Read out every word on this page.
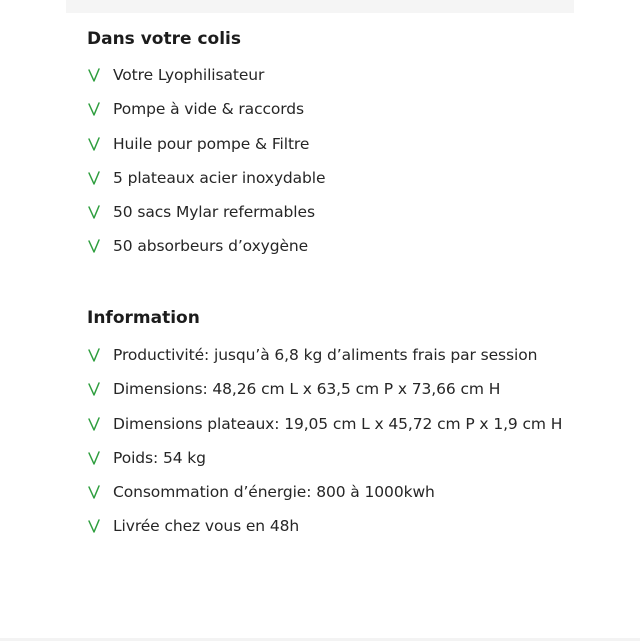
Dans votre colis
Votre Lyophilisateur
Pompe à vide & raccords
Huile pour pompe & Filtre
5 plateaux acier inoxydable
50 sacs Mylar refermables
50 absorbeurs d’oxygène
Information
Productivité: jusqu’à 6,8 kg d’aliments frais par session
Dimensions: 48,26 cm L x 63,5 cm P x 73,66 cm H
Dimensions plateaux: 19,05 cm L x 45,72 cm P x 1,9 cm H
Poids: 54 kg
Consommation d’énergie: 800 à 1000kwh
Livrée chez vous en 48h
